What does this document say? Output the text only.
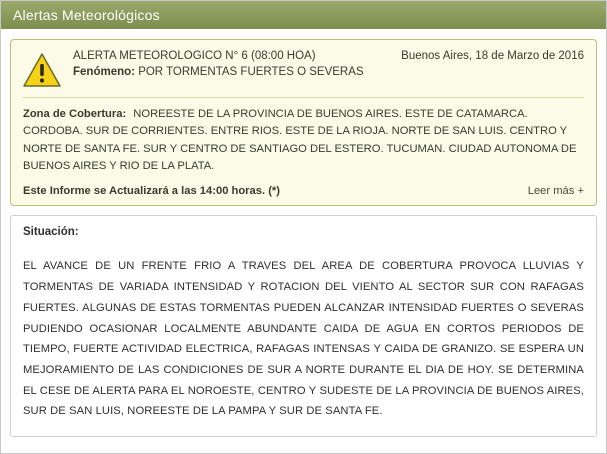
Alertas Meteorológicos
ALERTA METEOROLOGICO N° 6 (08:00 HOA)	Buenos Aires, 18 de Marzo de 2016
Fenómeno: POR TORMENTAS FUERTES O SEVERAS
Zona de Cobertura: NOREESTE DE LA PROVINCIA DE BUENOS AIRES. ESTE DE CATAMARCA. CORDOBA. SUR DE CORRIENTES. ENTRE RIOS. ESTE DE LA RIOJA. NORTE DE SAN LUIS. CENTRO Y NORTE DE SANTA FE. SUR Y CENTRO DE SANTIAGO DEL ESTERO. TUCUMAN. CIUDAD AUTONOMA DE BUENOS AIRES Y RIO DE LA PLATA.
Este Informe se Actualizará a las 14:00 horas. (*)	Leer más +
Situación:
EL AVANCE DE UN FRENTE FRIO A TRAVES DEL AREA DE COBERTURA PROVOCA LLUVIAS Y TORMENTAS DE VARIADA INTENSIDAD Y ROTACION DEL VIENTO AL SECTOR SUR CON RAFAGAS FUERTES. ALGUNAS DE ESTAS TORMENTAS PUEDEN ALCANZAR INTENSIDAD FUERTES O SEVERAS PUDIENDO OCASIONAR LOCALMENTE ABUNDANTE CAIDA DE AGUA EN CORTOS PERIODOS DE TIEMPO, FUERTE ACTIVIDAD ELECTRICA, RAFAGAS INTENSAS Y CAIDA DE GRANIZO. SE ESPERA UN MEJORAMIENTO DE LAS CONDICIONES DE SUR A NORTE DURANTE EL DIA DE HOY. SE DETERMINA EL CESE DE ALERTA PARA EL NOROESTE, CENTRO Y SUDESTE DE LA PROVINCIA DE BUENOS AIRES, SUR DE SAN LUIS, NOREESTE DE LA PAMPA Y SUR DE SANTA FE.
